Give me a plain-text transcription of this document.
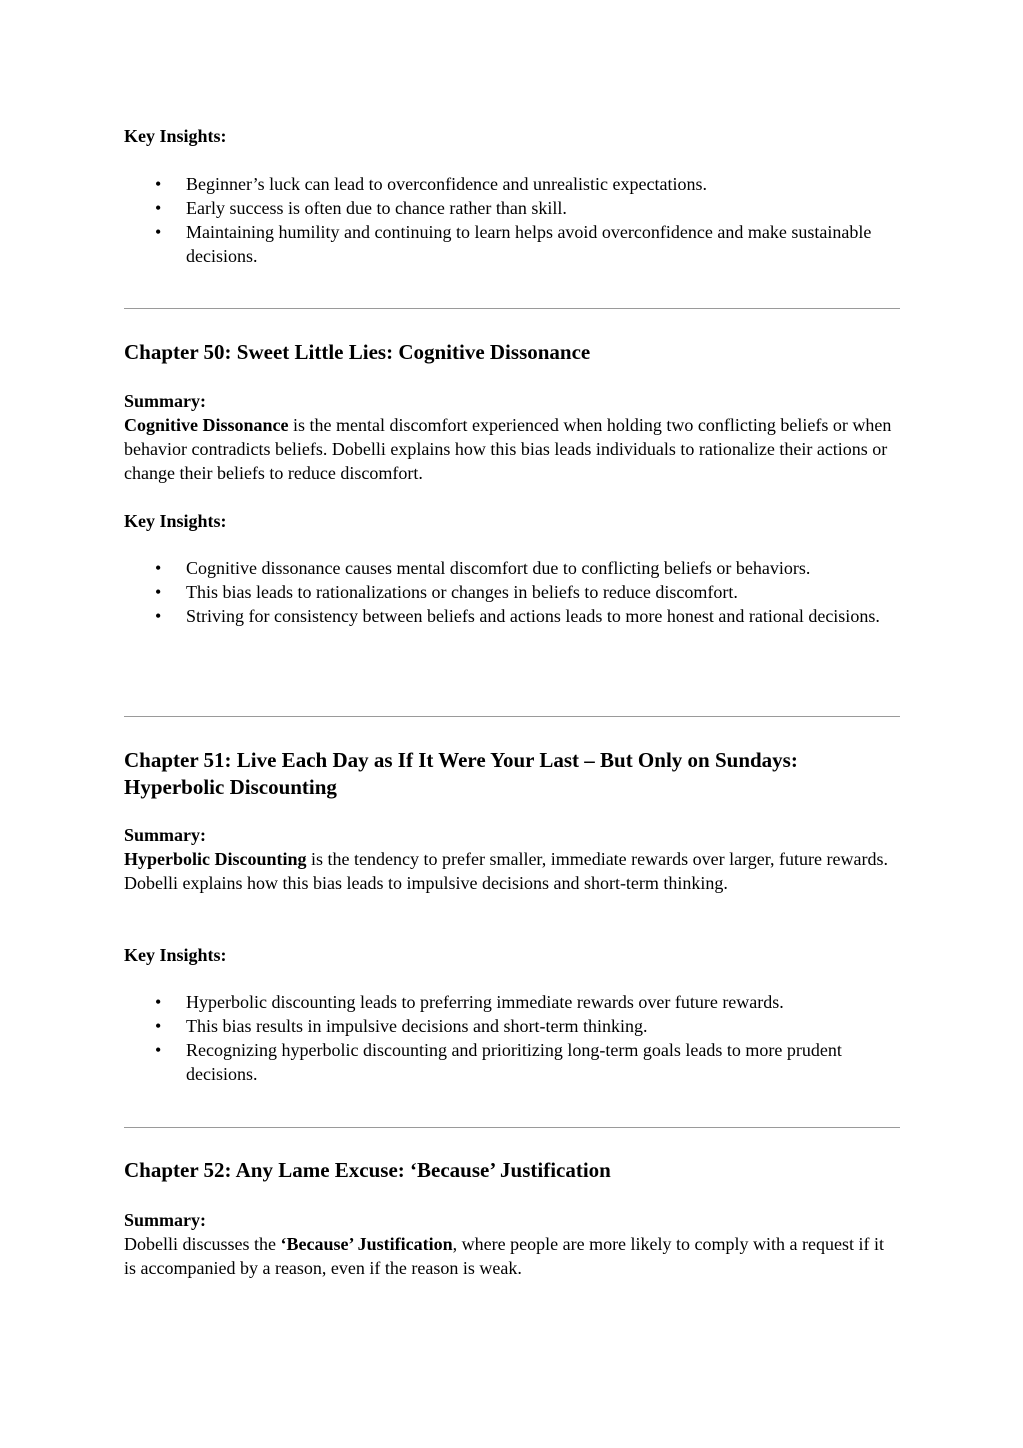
Key Insights:

• Beginner’s luck can lead to overconfidence and unrealistic expectations.
• Early success is often due to chance rather than skill.
• Maintaining humility and continuing to learn helps avoid overconfidence and make sustainable decisions.
Chapter 50: Sweet Little Lies: Cognitive Dissonance

Summary:

Cognitive Dissonance is the mental discomfort experienced when holding two conflicting beliefs or when behavior contradicts beliefs. Dobelli explains how this bias leads individuals to rationalize their actions or change their beliefs to reduce discomfort.

Key Insights:

• Cognitive dissonance causes mental discomfort due to conflicting beliefs or behaviors.
• This bias leads to rationalizations or changes in beliefs to reduce discomfort.
• Striving for consistency between beliefs and actions leads to more honest and rational decisions.
Chapter 51: Live Each Day as If It Were Your Last – But Only on Sundays: Hyperbolic Discounting

Summary:

Hyperbolic Discounting is the tendency to prefer smaller, immediate rewards over larger, future rewards. Dobelli explains how this bias leads to impulsive decisions and short-term thinking.

Key Insights:

• Hyperbolic discounting leads to preferring immediate rewards over future rewards.
• This bias results in impulsive decisions and short-term thinking.
• Recognizing hyperbolic discounting and prioritizing long-term goals leads to more prudent decisions.
Chapter 52: Any Lame Excuse: ‘Because’ Justification

Summary:

Dobelli discusses the ‘Because’ Justification, where people are more likely to comply with a request if it is accompanied by a reason, even if the reason is weak.
